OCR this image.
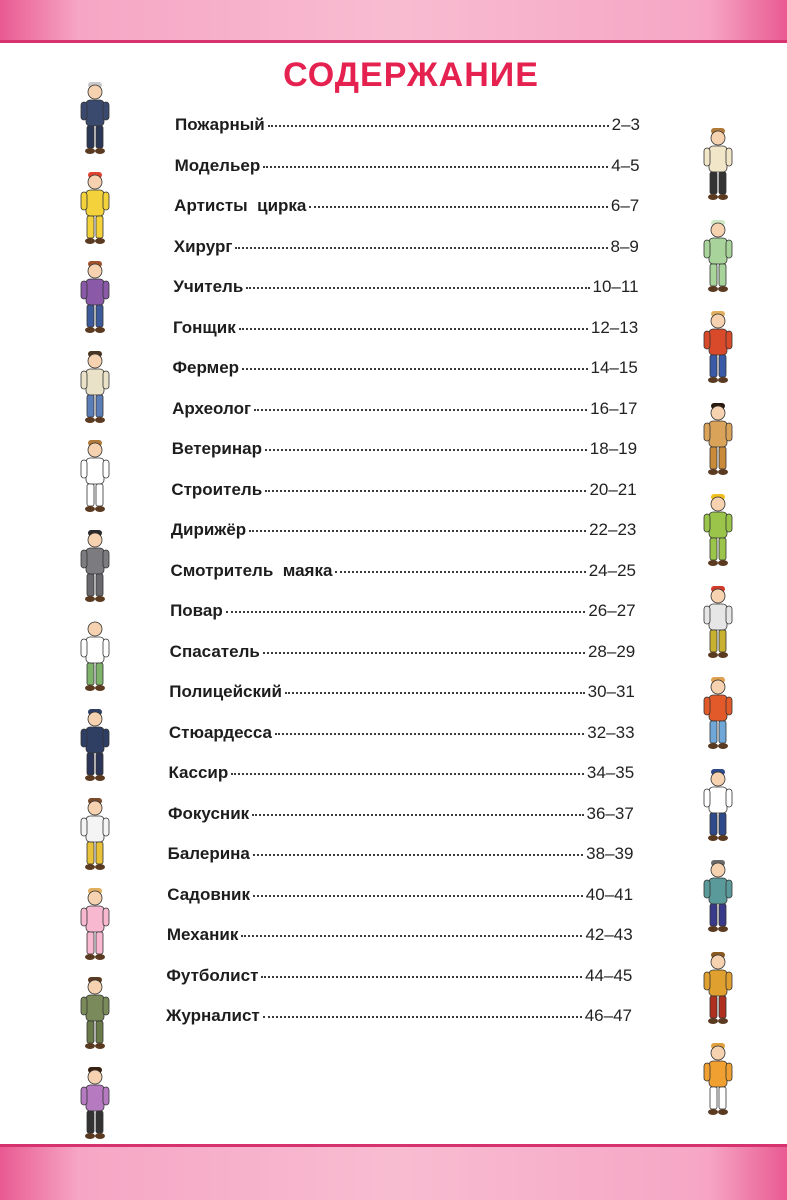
СОДЕРЖАНИЕ
Пожарный	2–3
Модельер	4–5
Артисты  цирка	6–7
Хирург	8–9
Учитель	10–11
Гонщик	12–13
Фермер	14–15
Археолог	16–17
Ветеринар	18–19
Строитель	20–21
Дирижёр	22–23
Смотритель  маяка	24–25
Повар	26–27
Спасатель	28–29
Полицейский	30–31
Стюардесса	32–33
Кассир	34–35
Фокусник	36–37
Балерина	38–39
Садовник	40–41
Механик	42–43
Футболист	44–45
Журналист	46–47
